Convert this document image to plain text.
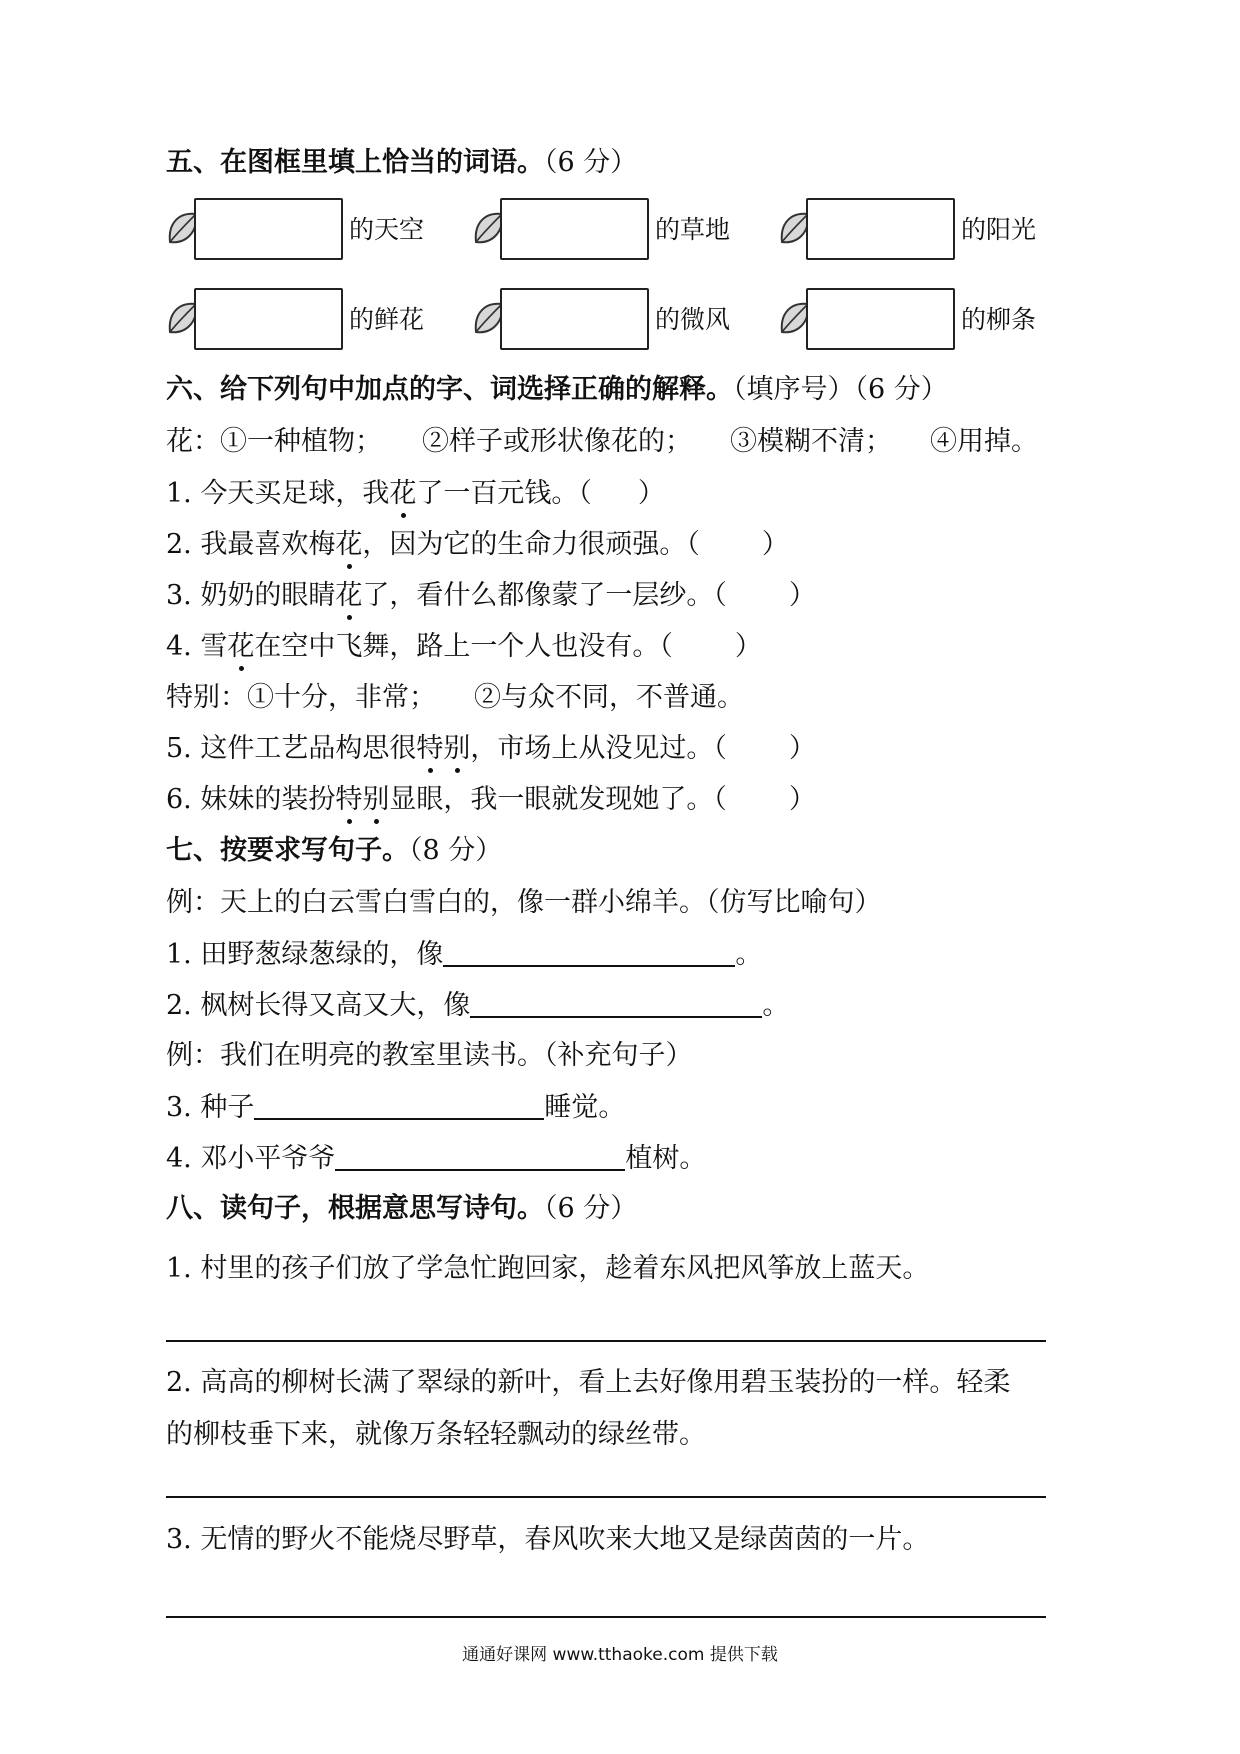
五、在图框里填上恰当的词语。（6 分）
的天空	的草地	的阳光
的鲜花	的微风	的柳条
六、给下列句中加点的字、词选择正确的解释。（填序号）（6 分）
花：①一种植物； ②样子或形状像花的； ③模糊不清； ④用掉。
1. 今天买足球，我花了一百元钱。（ ）
2. 我最喜欢梅花，因为它的生命力很顽强。（ ）
3. 奶奶的眼睛花了，看什么都像蒙了一层纱。（ ）
4. 雪花在空中飞舞，路上一个人也没有。（ ）
特别：①十分，非常； ②与众不同，不普通。
5. 这件工艺品构思很特别，市场上从没见过。（ ）
6. 妹妹的装扮特别显眼，我一眼就发现她了。（ ）
七、按要求写句子。（8 分）
例：天上的白云雪白雪白的，像一群小绵羊。（仿写比喻句）
1. 田野葱绿葱绿的，像	。
2. 枫树长得又高又大，像	。
例：我们在明亮的教室里读书。（补充句子）
3. 种子	睡觉。
4. 邓小平爷爷	植树。
八、读句子，根据意思写诗句。（6 分）
1. 村里的孩子们放了学急忙跑回家，趁着东风把风筝放上蓝天。
2. 高高的柳树长满了翠绿的新叶，看上去好像用碧玉装扮的一样。轻柔
的柳枝垂下来，就像万条轻轻飘动的绿丝带。
3. 无情的野火不能烧尽野草，春风吹来大地又是绿茵茵的一片。
通通好课网 www.tthaoke.com 提供下载
